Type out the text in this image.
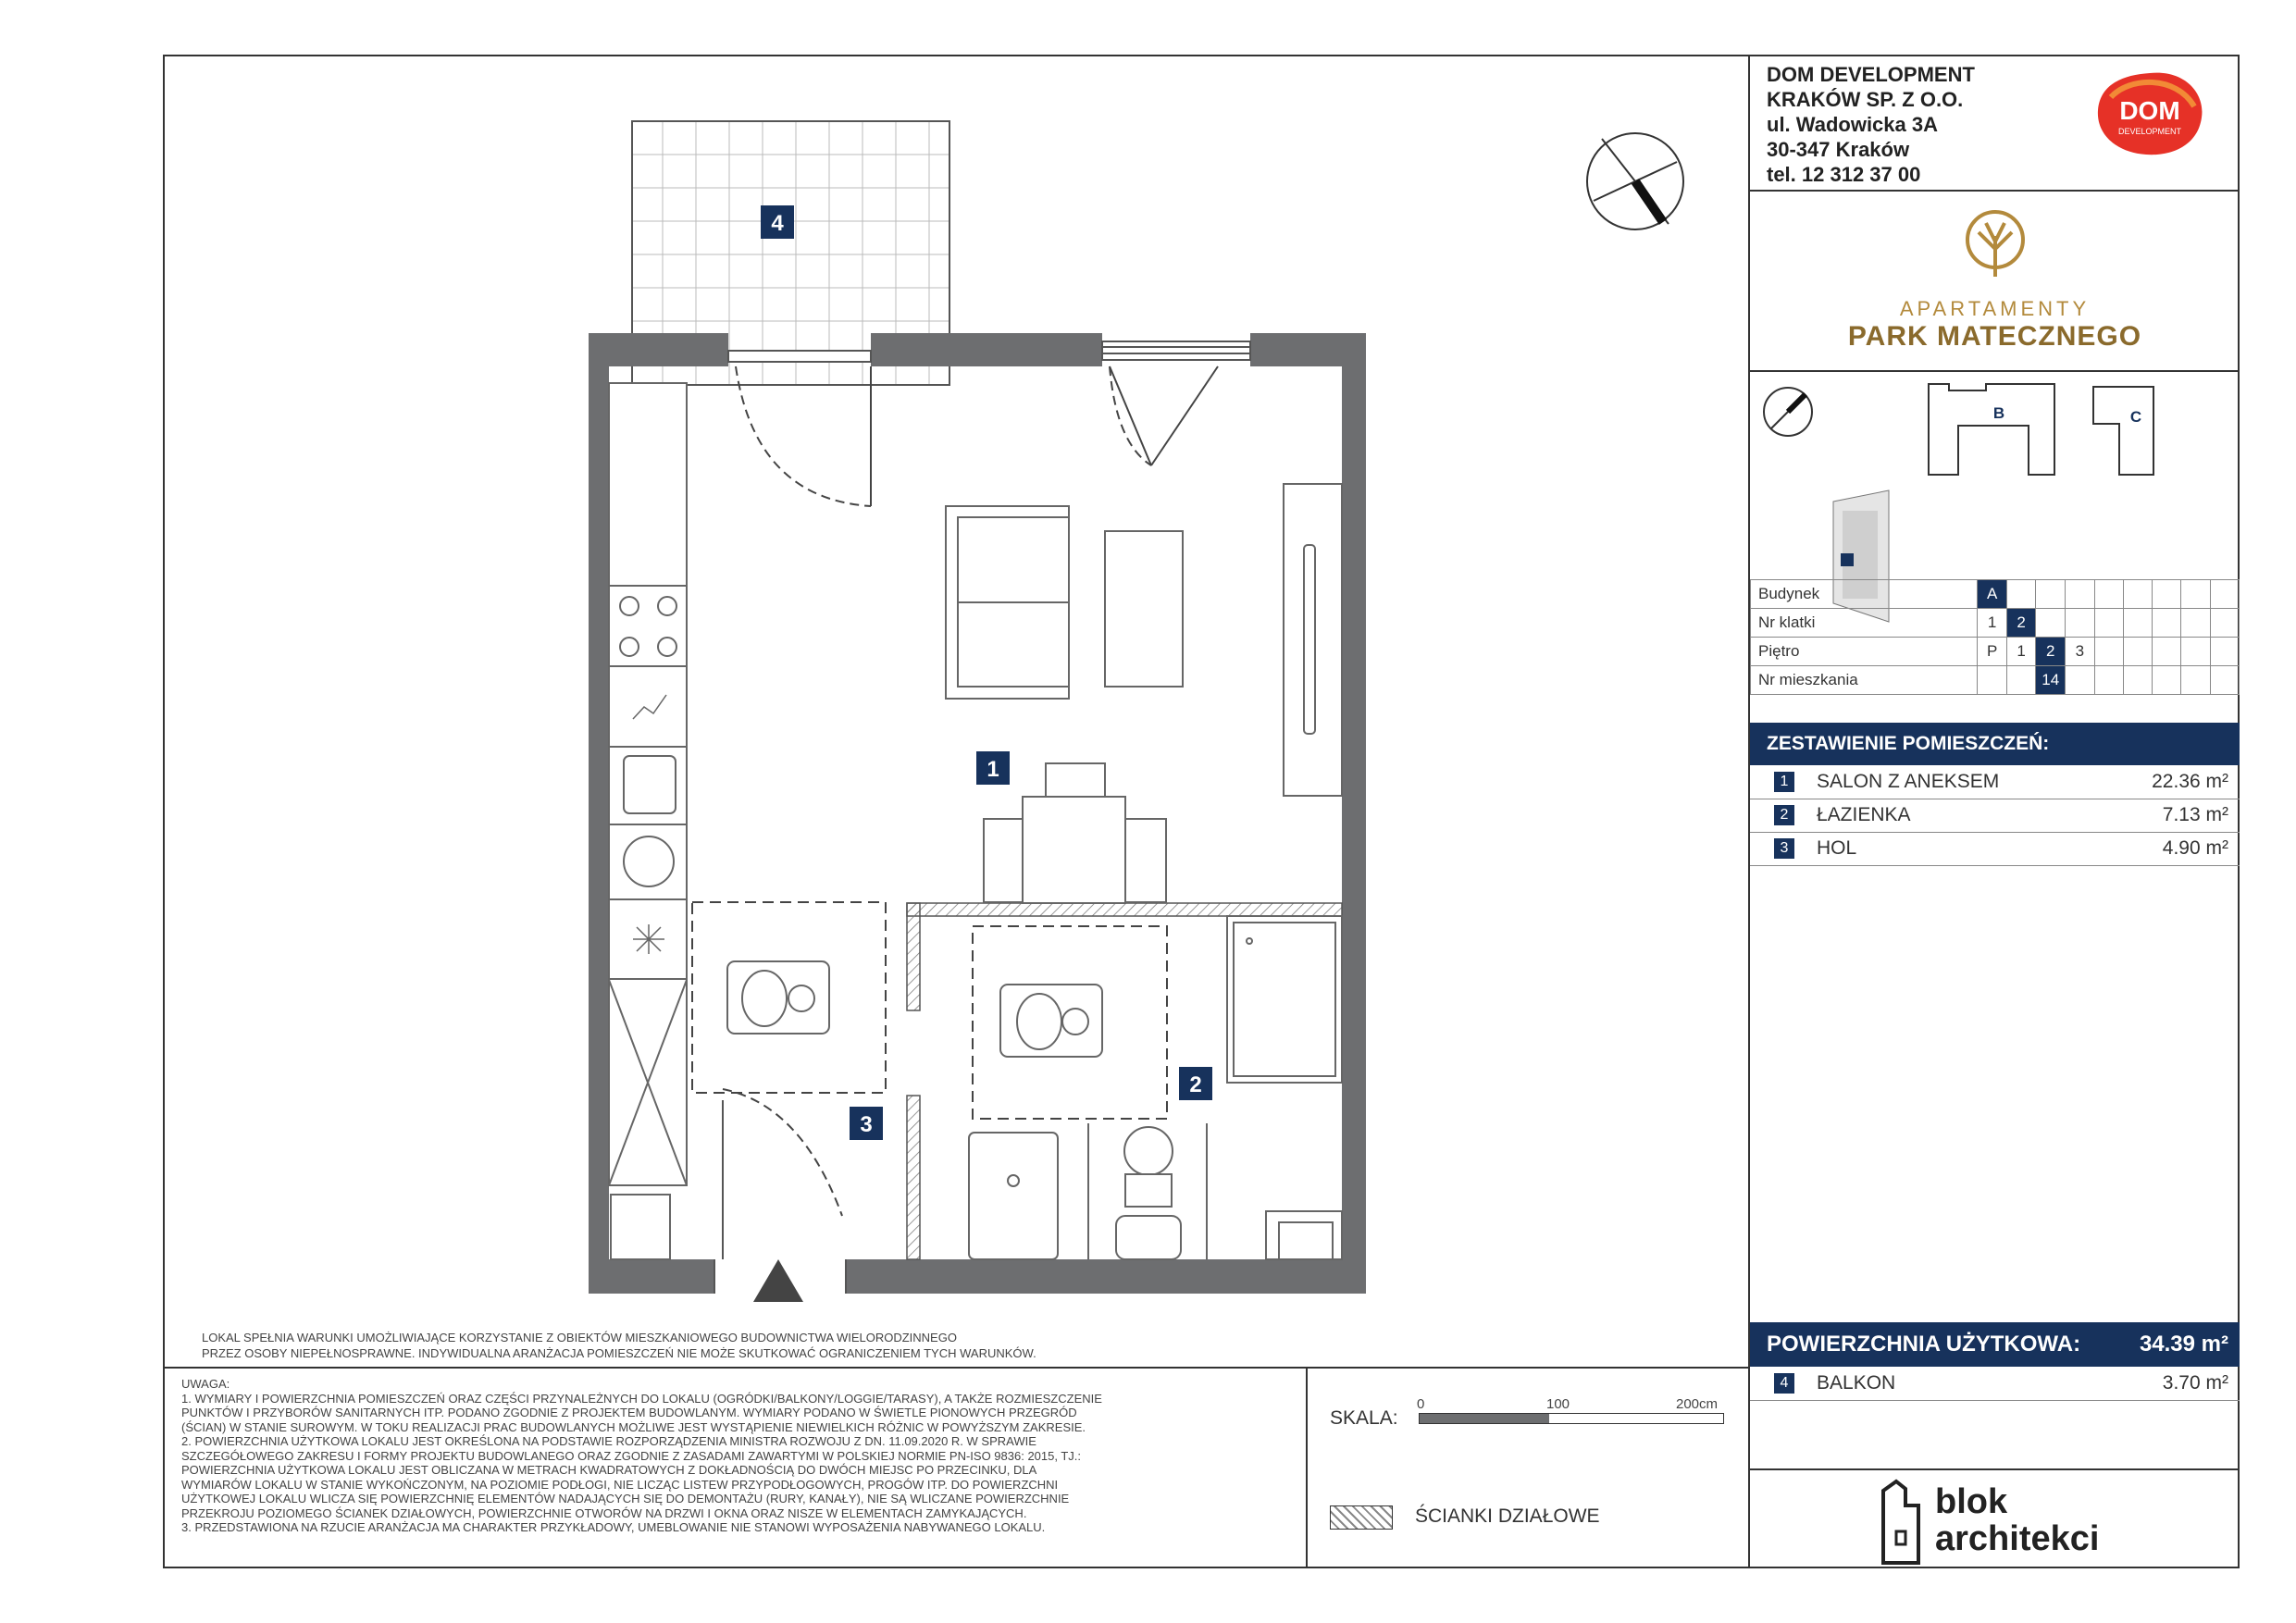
4
1
2
3
LOKAL SPEŁNIA WARUNKI UMOŻLIWIAJĄCE KORZYSTANIE Z OBIEKTÓW MIESZKANIOWEGO BUDOWNICTWA WIELORODZINNEGO
PRZEZ OSOBY NIEPEŁNOSPRAWNE. INDYWIDUALNA ARANŻACJA POMIESZCZEŃ NIE MOŻE SKUTKOWAĆ OGRANICZENIEM TYCH WARUNKÓW.

UWAGA:

1. WYMIARY I POWIERZCHNIA POMIESZCZEŃ ORAZ CZĘŚCI PRZYNALEŻNYCH DO LOKALU (OGRÓDKI/BALKONY/LOGGIE/TARASY), A TAKŻE ROZMIESZCZENIE

PUNKTÓW I PRZYBORÓW SANITARNYCH ITP. PODANO ZGODNIE Z PROJEKTEM BUDOWLANYM. WYMIARY PODANO W ŚWIETLE PIONOWYCH PRZEGRÓD

(ŚCIAN) W STANIE SUROWYM. W TOKU REALIZACJI PRAC BUDOWLANYCH MOŻLIWE JEST WYSTĄPIENIE NIEWIELKICH RÓŻNIC W POWYŻSZYM ZAKRESIE.

2. POWIERZCHNIA UŻYTKOWA LOKALU JEST OKREŚLONA NA PODSTAWIE ROZPORZĄDZENIA MINISTRA ROZWOJU Z DN. 11.09.2020 R. W SPRAWIE

SZCZEGÓŁOWEGO ZAKRESU I FORMY PROJEKTU BUDOWLANEGO ORAZ ZGODNIE Z ZASADAMI ZAWARTYMI W POLSKIEJ NORMIE PN-ISO 9836: 2015, TJ.:

POWIERZCHNIA UŻYTKOWA LOKALU JEST OBLICZANA W METRACH KWADRATOWYCH Z DOKŁADNOŚCIĄ DO DWÓCH MIEJSC PO PRZECINKU, DLA

WYMIARÓW LOKALU W STANIE WYKOŃCZONYM, NA POZIOMIE PODŁOGI, NIE LICZĄC LISTEW PRZYPODŁOGOWYCH, PROGÓW ITP. DO POWIERZCHNI

UŻYTKOWEJ LOKALU WLICZA SIĘ POWIERZCHNIĘ ELEMENTÓW NADAJĄCYCH SIĘ DO DEMONTAŻU (RURY, KANAŁY), NIE SĄ WLICZANE POWIERZCHNIE

PRZEKROJU POZIOMEGO ŚCIANEK DZIAŁOWYCH, POWIERZCHNIE OTWORÓW NA DRZWI I OKNA ORAZ NISZE W ELEMENTACH ZAMYKAJĄCYCH.

3. PRZEDSTAWIONA NA RZUCIE ARANŻACJA MA CHARAKTER PRZYKŁADOWY, UMEBLOWANIE NIE STANOWI WYPOSAŻENIA NABYWANEGO LOKALU.

SKALA:
0	100	200cm
ŚCIANKI DZIAŁOWE
DOM DEVELOPMENT
KRAKÓW SP. Z O.O.
ul. Wadowicka 3A
30-347 Kraków
tel. 12 312 37 00
DOM
DEVELOPMENT
APARTAMENTY
PARK MATECZNEGO
B	C
Budynek	A								
Nr klatki	1	2							
Piętro	P	1	2	3					
Nr mieszkania			14						
ZESTAWIENIE POMIESZCZEŃ:
1	SALON Z ANEKSEM	22.36 m²
2	ŁAZIENKA	7.13 m²
3	HOL	4.90 m²
POWIERZCHNIA UŻYTKOWA:	34.39 m²
4	BALKON	3.70 m²
blok
architekci
